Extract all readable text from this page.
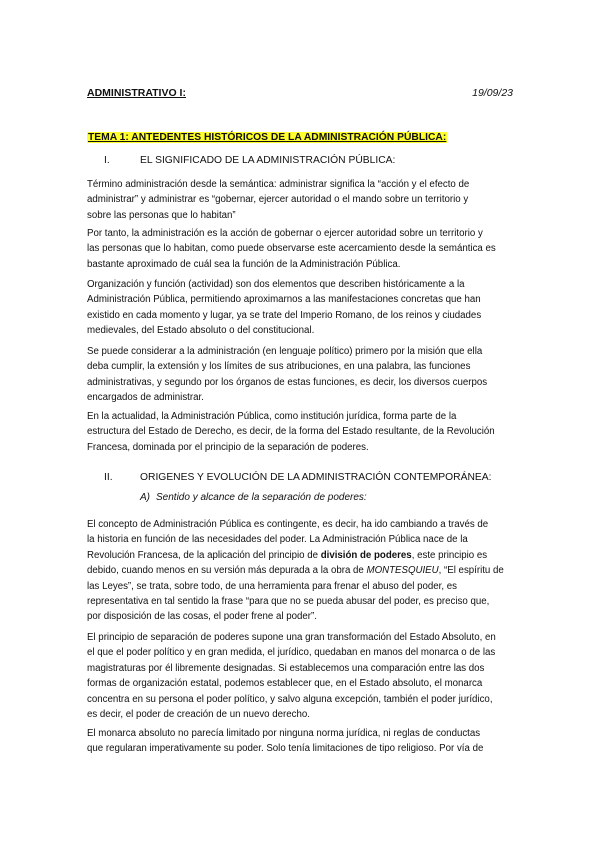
ADMINISTRATIVO I:	19/09/23
TEMA 1: ANTEDENTES HISTÓRICOS DE LA ADMINISTRACIÓN PÚBLICA:
I.	EL SIGNIFICADO DE LA ADMINISTRACIÓN PÚBLICA:

Término administración desde la semántica: administrar significa la “acción y el efecto de
administrar” y administrar es “gobernar, ejercer autoridad o el mando sobre un territorio y
sobre las personas que lo habitan”

Por tanto, la administración es la acción de gobernar o ejercer autoridad sobre un territorio y
las personas que lo habitan, como puede observarse este acercamiento desde la semántica es
bastante aproximado de cuál sea la función de la Administración Pública.

Organización y función (actividad) son dos elementos que describen históricamente a la
Administración Pública, permitiendo aproximarnos a las manifestaciones concretas que han
existido en cada momento y lugar, ya se trate del Imperio Romano, de los reinos y ciudades
medievales, del Estado absoluto o del constitucional.

Se puede considerar a la administración (en lenguaje político) primero por la misión que ella
deba cumplir, la extensión y los límites de sus atribuciones, en una palabra, las funciones
administrativas, y segundo por los órganos de estas funciones, es decir, los diversos cuerpos
encargados de administrar.

En la actualidad, la Administración Pública, como institución jurídica, forma parte de la
estructura del Estado de Derecho, es decir, de la forma del Estado resultante, de la Revolución
Francesa, dominada por el principio de la separación de poderes.

II.	ORIGENES Y EVOLUCIÓN DE LA ADMINISTRACIÓN CONTEMPORÁNEA:
A) Sentido y alcance de la separación de poderes:

El concepto de Administración Pública es contingente, es decir, ha ido cambiando a través de
la historia en función de las necesidades del poder. La Administración Pública nace de la
Revolución Francesa, de la aplicación del principio de división de poderes, este principio es
debido, cuando menos en su versión más depurada a la obra de MONTESQUIEU, “El espíritu de
las Leyes”, se trata, sobre todo, de una herramienta para frenar el abuso del poder, es
representativa en tal sentido la frase “para que no se pueda abusar del poder, es preciso que,
por disposición de las cosas, el poder frene al poder”.

El principio de separación de poderes supone una gran transformación del Estado Absoluto, en
el que el poder político y en gran medida, el jurídico, quedaban en manos del monarca o de las
magistraturas por él libremente designadas. Si establecemos una comparación entre las dos
formas de organización estatal, podemos establecer que, en el Estado absoluto, el monarca
concentra en su persona el poder político, y salvo alguna excepción, también el poder jurídico,
es decir, el poder de creación de un nuevo derecho.

El monarca absoluto no parecía limitado por ninguna norma jurídica, ni reglas de conductas
que regularan imperativamente su poder. Solo tenía limitaciones de tipo religioso. Por vía de
